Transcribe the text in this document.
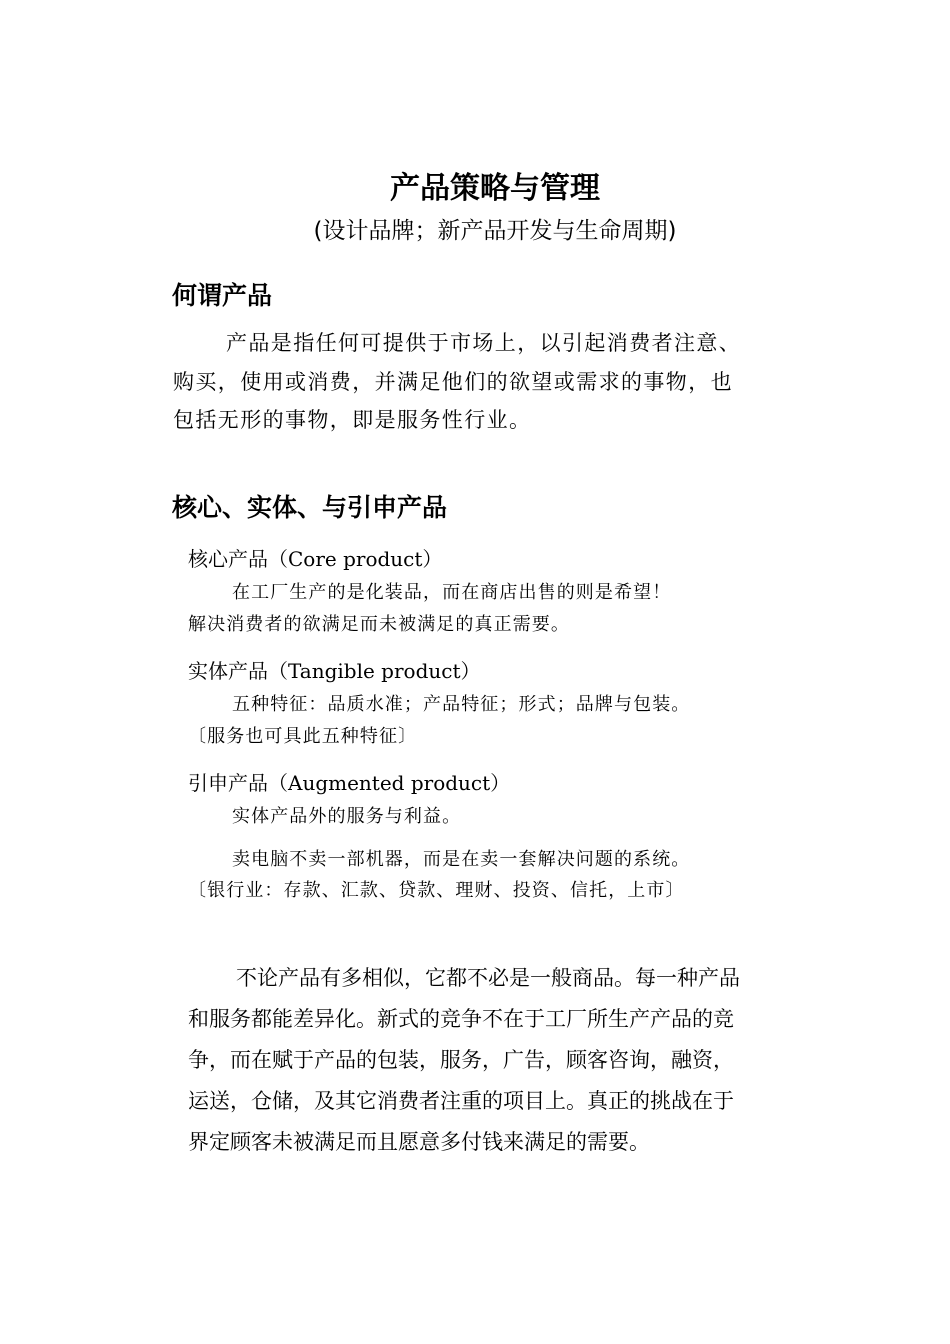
产品策略与管理
(设计品牌；新产品开发与生命周期)
何谓产品

产品是指任何可提供于市场上，以引起消费者注意、

购买，使用或消费，并满足他们的欲望或需求的事物，也

包括无形的事物，即是服务性行业。

核心、实体、与引申产品
核心产品（Core product）

在工厂生产的是化装品，而在商店出售的则是希望！

解决消费者的欲满足而未被满足的真正需要。

实体产品（Tangible product）

五种特征：品质水准；产品特征；形式；品牌与包装。

〔服务也可具此五种特征〕

引申产品（Augmented product）

实体产品外的服务与利益。

卖电脑不卖一部机器，而是在卖一套解决问题的系统。

〔银行业：存款、汇款、贷款、理财、投资、信托，上市〕

不论产品有多相似，它都不必是一般商品。每一种产品

和服务都能差异化。新式的竞争不在于工厂所生产产品的竞

争，而在赋于产品的包装，服务，广告，顾客咨询，融资，

运送，仓储，及其它消费者注重的项目上。真正的挑战在于

界定顾客未被满足而且愿意多付钱来满足的需要。
